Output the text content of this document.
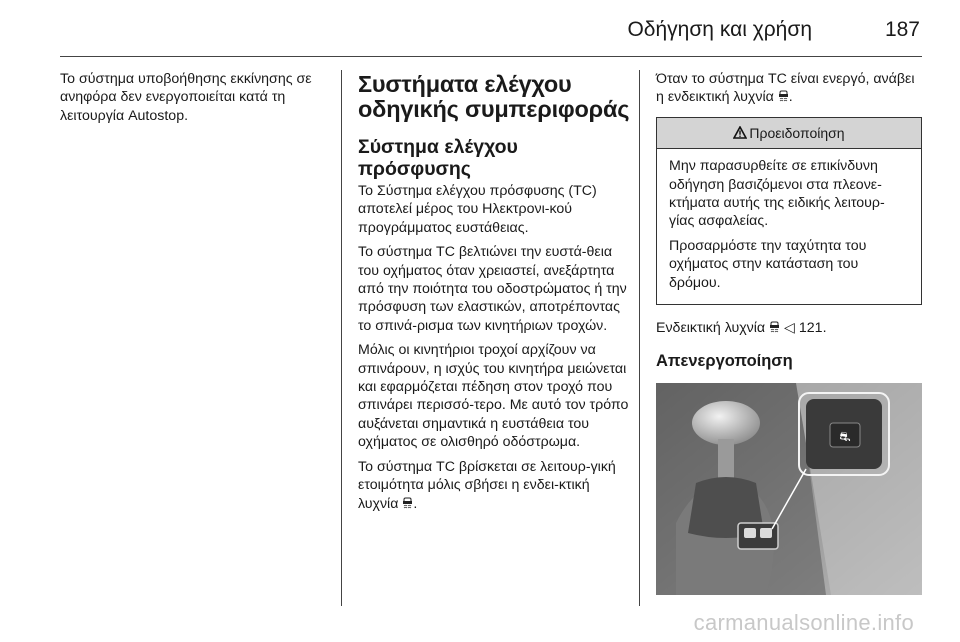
Οδήγηση και χρήση	187

Το σύστημα υποβοήθησης εκκίνησης σε ανηφόρα δεν ενεργοποιείται κατά τη λειτουργία Autostop.

Συστήματα ελέγχου οδηγικής συμπεριφοράς
Σύστημα ελέγχου πρόσφυσης

Το Σύστημα ελέγχου πρόσφυσης (TC) αποτελεί μέρος του Ηλεκτρονι-κού προγράμματος ευστάθειας.

Το σύστημα TC βελτιώνει την ευστά-θεια του οχήματος όταν χρειαστεί, ανεξάρτητα από την ποιότητα του οδοστρώματος ή την πρόσφυση των ελαστικών, αποτρέποντας το σπινά-ρισμα των κινητήριων τροχών.

Μόλις οι κινητήριοι τροχοί αρχίζουν να σπινάρουν, η ισχύς του κινητήρα μειώνεται και εφαρμόζεται πέδηση στον τροχό που σπινάρει περισσό-τερο. Με αυτό τον τρόπο αυξάνεται σημαντικά η ευστάθεια του οχήματος σε ολισθηρό οδόστρωμα.

Το σύστημα TC βρίσκεται σε λειτουρ-γική ετοιμότητα μόλις σβήσει η ενδει-κτική λυχνία .

Όταν το σύστημα TC είναι ενεργό, ανάβει η ενδεικτική λυχνία .

Προειδοποίηση

Μην παρασυρθείτε σε επικίνδυνη οδήγηση βασιζόμενοι στα πλεονε-κτήματα αυτής της ειδικής λειτουρ-γίας ασφαλείας.

Προσαρμόστε την ταχύτητα του οχήματος στην κατάσταση του δρόμου.

Ενδεικτική λυχνία ◁ 121.

Απενεργοποίηση
⛐
carmanualsonline.info
